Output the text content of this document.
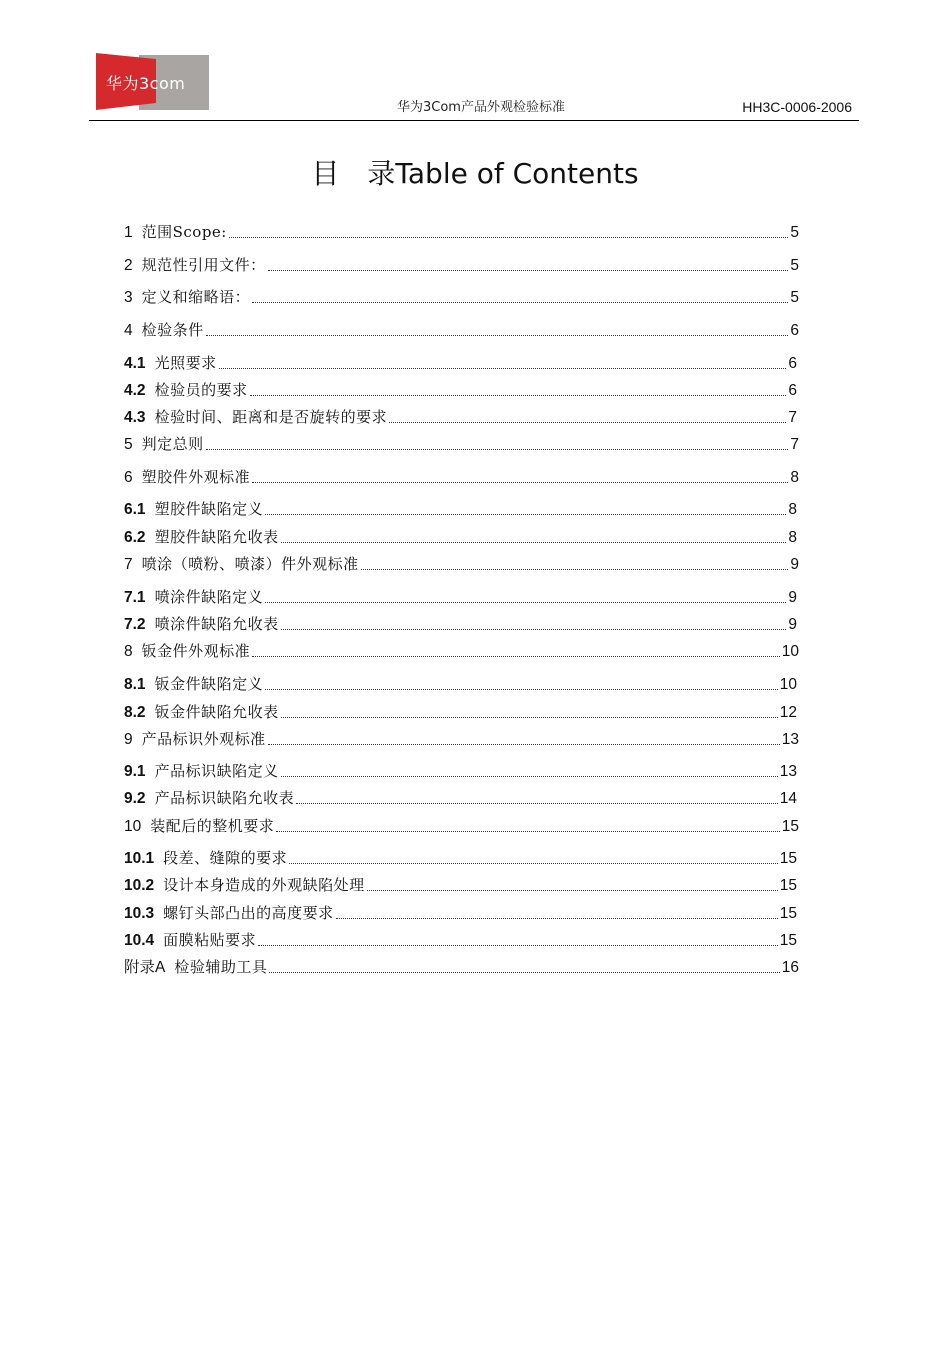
华为3com
华为3Com产品外观检验标准	HH3C-0006-2006
目 录Table of Contents
1 范围Scope:	5
2 规范性引用文件：	5
3 定义和缩略语：	5
4 检验条件	6
4.1 光照要求	6
4.2 检验员的要求	6
4.3 检验时间、距离和是否旋转的要求	7
5 判定总则	7
6 塑胶件外观标准	8
6.1 塑胶件缺陷定义	8
6.2 塑胶件缺陷允收表	8
7 喷涂（喷粉、喷漆）件外观标准	9
7.1 喷涂件缺陷定义	9
7.2 喷涂件缺陷允收表	9
8 钣金件外观标准	10
8.1 钣金件缺陷定义	10
8.2 钣金件缺陷允收表	12
9 产品标识外观标准	13
9.1 产品标识缺陷定义	13
9.2 产品标识缺陷允收表	14
10 装配后的整机要求	15
10.1 段差、缝隙的要求	15
10.2 设计本身造成的外观缺陷处理	15
10.3 螺钉头部凸出的高度要求	15
10.4 面膜粘贴要求	15
附录A 检验辅助工具	16
